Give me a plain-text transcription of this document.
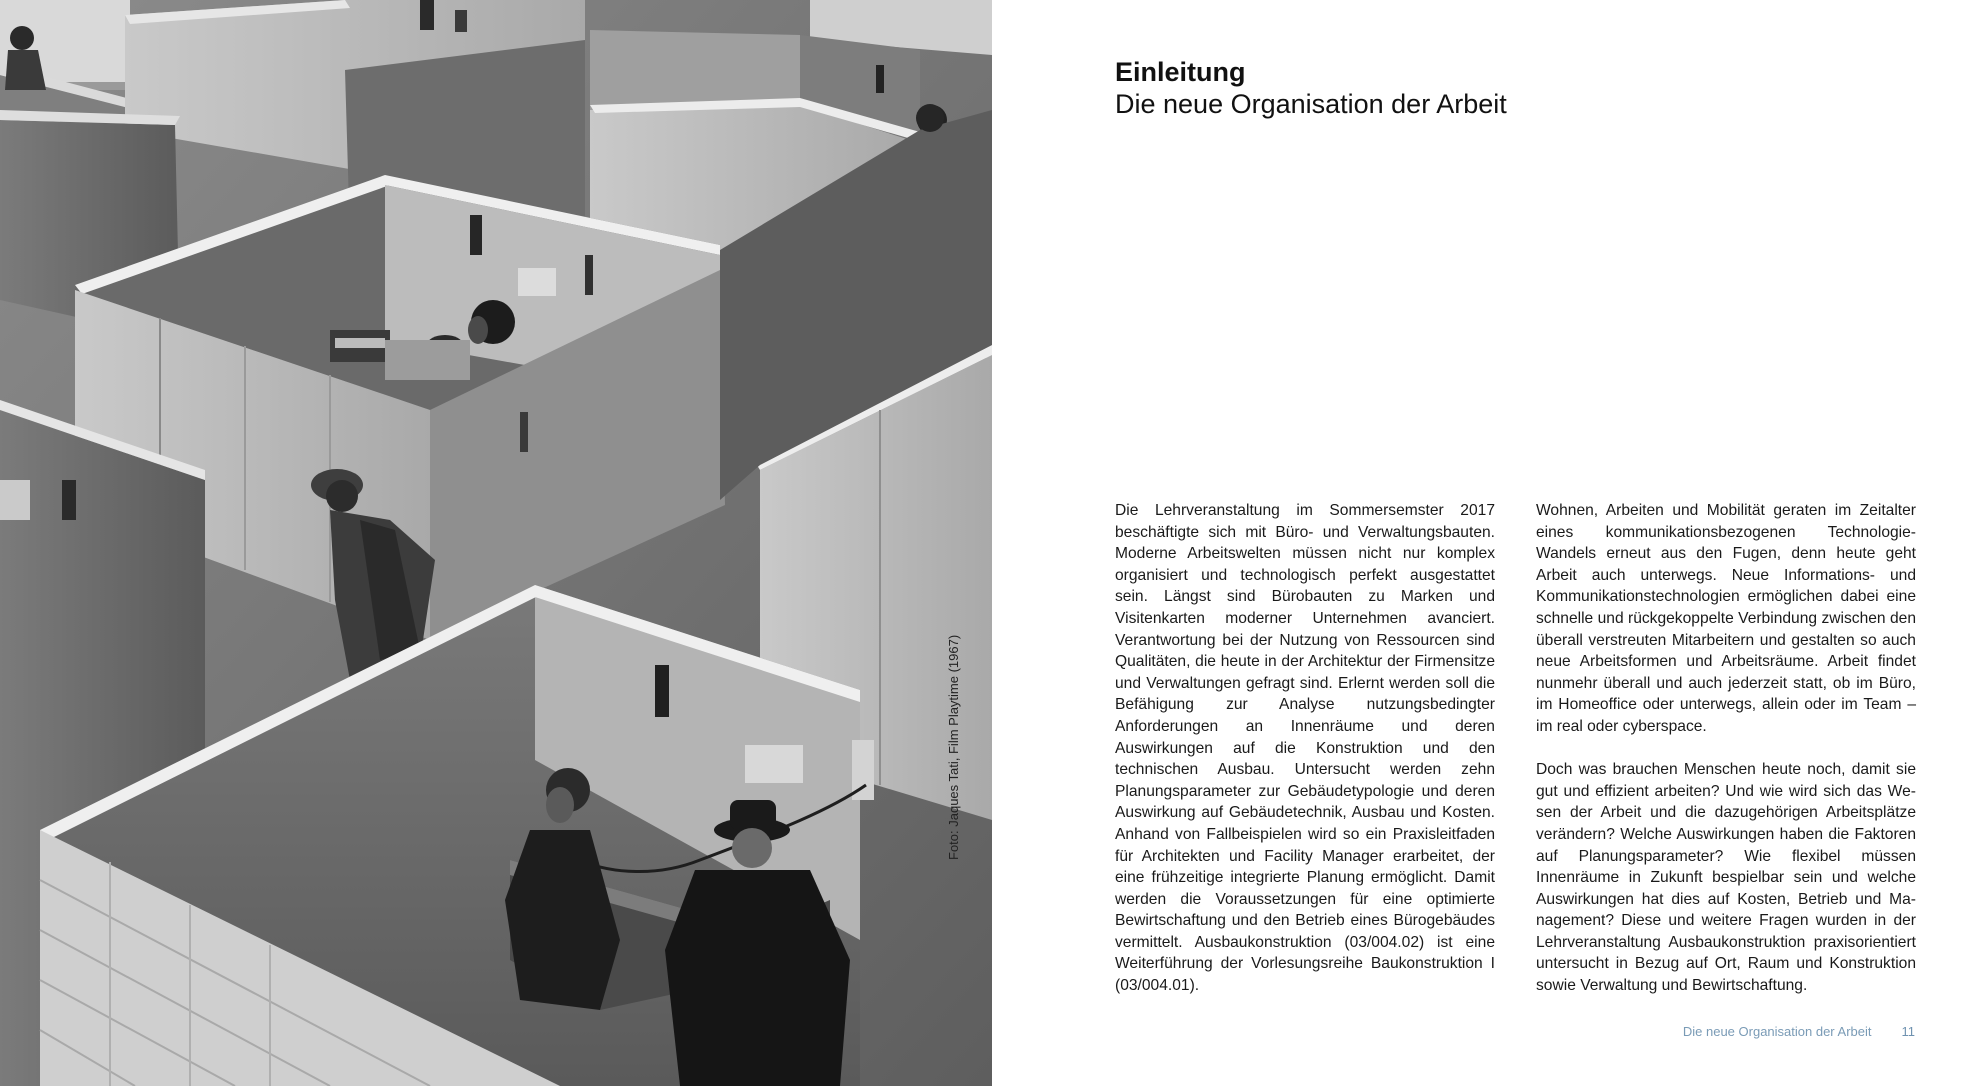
Foto: Jaques Tati, Film Playtime (1967)
Einleitung
Die neue Organisation der Arbeit

Die Lehrveranstaltung im Sommersemster 2017 beschäftigte sich mit Büro- und Verwaltungsbauten. Moderne Arbeitswelten müssen nicht nur komplex organisiert und technologisch perfekt ausgestattet sein. Längst sind Bürobauten zu Marken und Visitenkarten moderner Unternehmen avanciert. Verantwortung bei der Nutzung von Ressourcen sind Qualitäten, die heute in der Architektur der Firmensitze und Verwaltungen gefragt sind. Erlernt werden soll die Befähigung zur Analyse nutzungsbedingter Anforderungen an Innenräume und deren Auswirkungen auf die Konstruktion und den technischen Ausbau. Untersucht werden zehn Planungsparameter zur Gebäudetypologie und deren Auswirkung auf Gebäudetechnik, Ausbau und Kosten. Anhand von Fallbeispielen wird so ein Praxisleitfaden für Architekten und Facility Manager erarbeitet, der eine frühzeitige integrierte Planung ermöglicht. Damit werden die Voraussetzungen für eine optimierte Bewirtschaftung und den Betrieb eines Bürogebäudes vermittelt. Ausbaukonstruktion (03/004.02) ist eine Weiterführung der Vorlesungsreihe Baukonstruktion I (03/004.01).

Wohnen, Arbeiten und Mobilität geraten im Zeitalter eines kommunikationsbezogenen Technologie-Wandels erneut aus den Fugen, denn heute geht Arbeit auch unterwegs. Neue Informations- und Kommunikationstechnologien ermöglichen dabei eine schnelle und rückgekoppelte Verbindung zwischen den überall verstreuten Mitarbeitern und gestalten so auch neue Arbeitsformen und Arbeitsräume. Arbeit findet nunmehr überall und auch jederzeit statt, ob im Büro, im Homeoffice oder unterwegs, allein oder im Team – im real oder cyberspace.

Doch was brauchen Menschen heute noch, damit sie gut und effizient arbeiten? Und wie wird sich das Wesen der Arbeit und die dazugehörigen Arbeitsplätze verändern? Welche Auswirkungen haben die Faktoren auf Planungsparameter? Wie flexibel müssen Innenräume in Zukunft bespielbar sein und welche Auswirkungen hat dies auf Kosten, Betrieb und Management? Diese und weitere Fragen wurden in der Lehrveranstaltung Ausbaukonstruktion praxisorientiert untersucht in Bezug auf Ort, Raum und Konstruktion sowie Verwaltung und Bewirtschaftung.

Die neue Organisation der Arbeit 11
